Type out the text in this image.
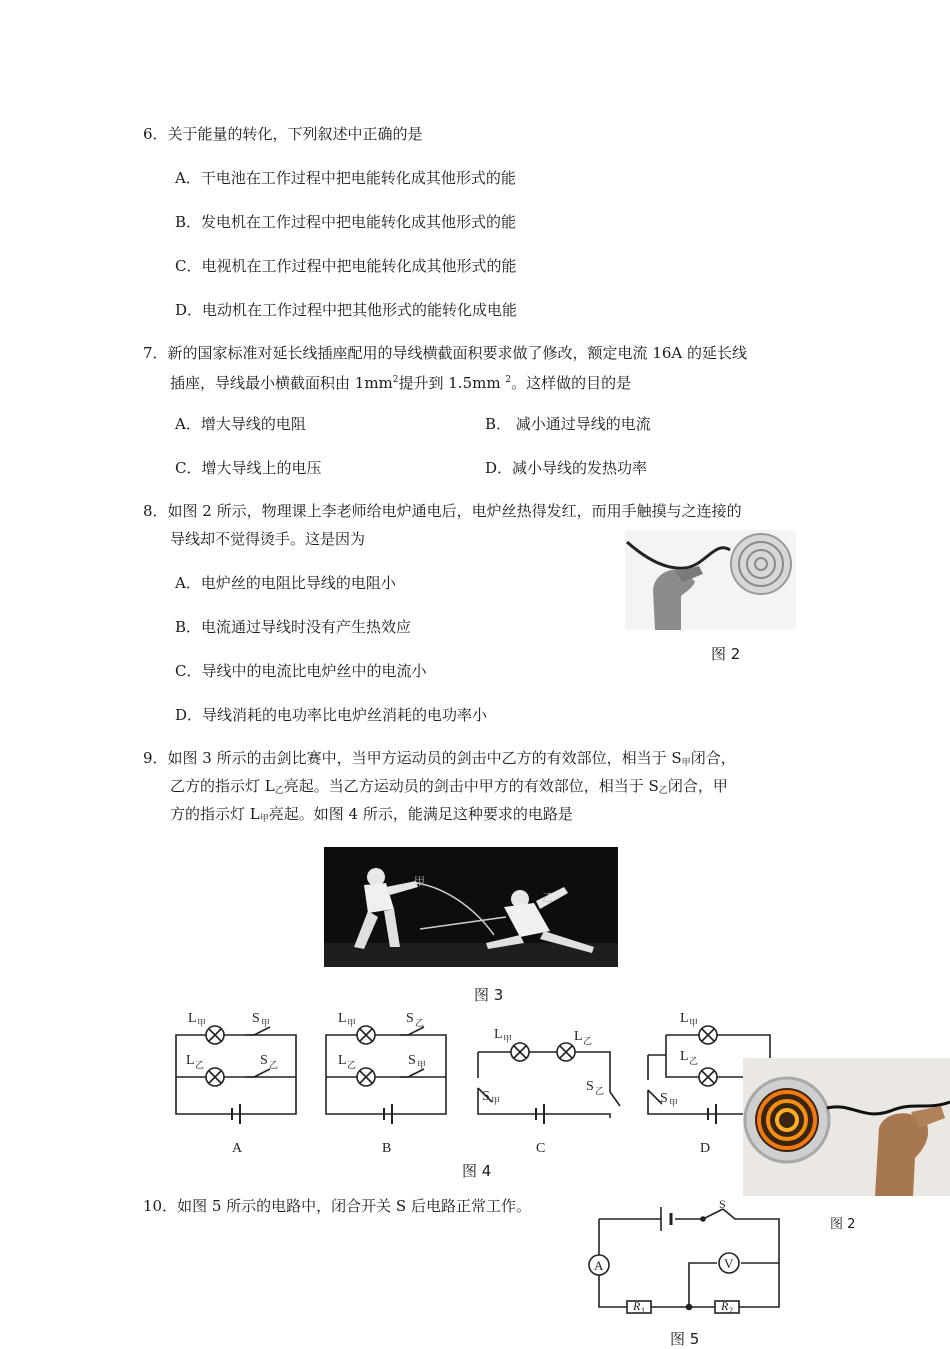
6．关于能量的转化，下列叙述中正确的是
A．干电池在工作过程中把电能转化成其他形式的能
B．发电机在工作过程中把电能转化成其他形式的能
C．电视机在工作过程中把电能转化成其他形式的能
D．电动机在工作过程中把其他形式的能转化成电能
7．新的国家标准对延长线插座配用的导线横截面积要求做了修改，额定电流 16A 的延长线
插座，导线最小横截面积由 $1mm^2$提升到 1.5mm $^2$。这样做的目的是
A．增大导线的电阻	B． 减小通过导线的电流
C．增大导线上的电压	D．减小导线的发热功率
8．如图 2 所示，物理课上李老师给电炉通电后，电炉丝热得发红，而用手触摸与之连接的
导线却不觉得烫手。这是因为
A．电炉丝的电阻比导线的电阻小
B．电流通过导线时没有产生热效应
C．导线中的电流比电炉丝中的电流小
D．导线消耗的电功率比电炉丝消耗的电功率小
图 2
9．如图 3 所示的击剑比赛中，当甲方运动员的剑击中乙方的有效部位，相当于 $S_甲$闭合，
乙方的指示灯 $L_乙$亮起。当乙方运动员的剑击中甲方的有效部位，相当于 $S_乙$闭合，甲
方的指示灯 $L_甲$亮起。如图 4 所示，能满足这种要求的电路是
甲
乙
图 3
L 甲	S 甲
L 乙	S 乙
A
L 甲	S 乙
L 乙	S 甲
B
L 甲	L 乙
S 甲
S 乙
C
L 甲
L 乙
S 甲
D
图 4
10．如图 5 所示的电路中，闭合开关 S 后电路正常工作。	S
A	V
R 1	R 2
图 5
图 2
